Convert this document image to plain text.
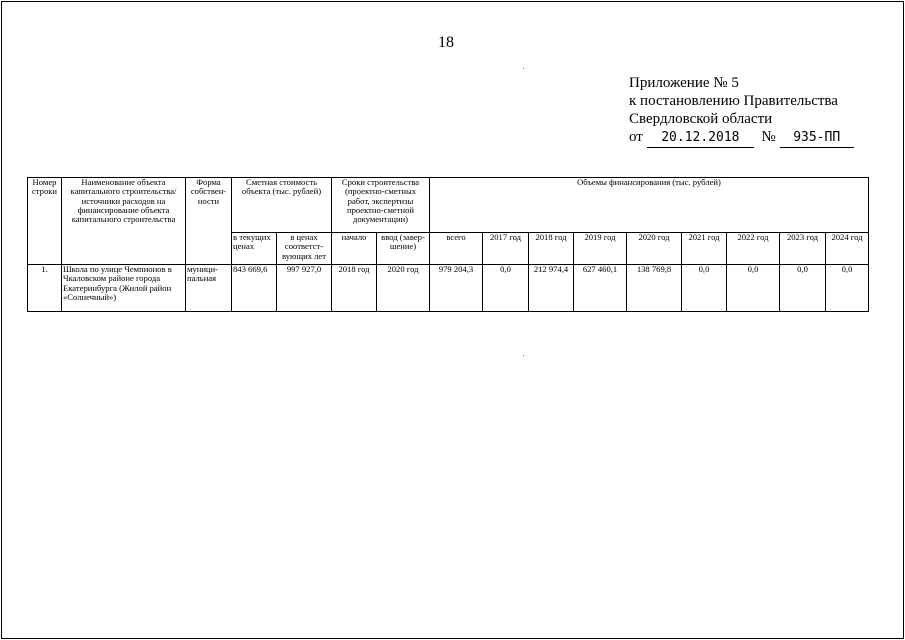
18
Приложение № 5
к постановлению Правительства
Свердловской области
от 20.12.2018 № 935-ПП
Номер строки	Наименование объекта капитального строительства/ источники расходов на финансирование объекта капитального строительства	Форма собствен- ности	Сметная стоимость объекта (тыс. рублей)		Сроки строительства (проектно-сметных работ, экспертизы проектно-сметной документации)		Объемы финансирования (тыс. рублей)								
			в текущих ценах	в ценах соответст- вующих лет	начало	ввод (завер- шение)	всего	2017 год	2018 год	2019 год	2020 год	2021 год	2022 год	2023 год	2024 год
1.	Школа по улице Чемпионов в Чкаловском районе города Екатеринбурга (Жилой район «Солнечный»)	муници- пальная	843 669,6	997 927,0	2018 год	2020 год	979 204,3	0,0	212 974,4	627 460,1	138 769,8	0,0	0,0	0,0	0,0
